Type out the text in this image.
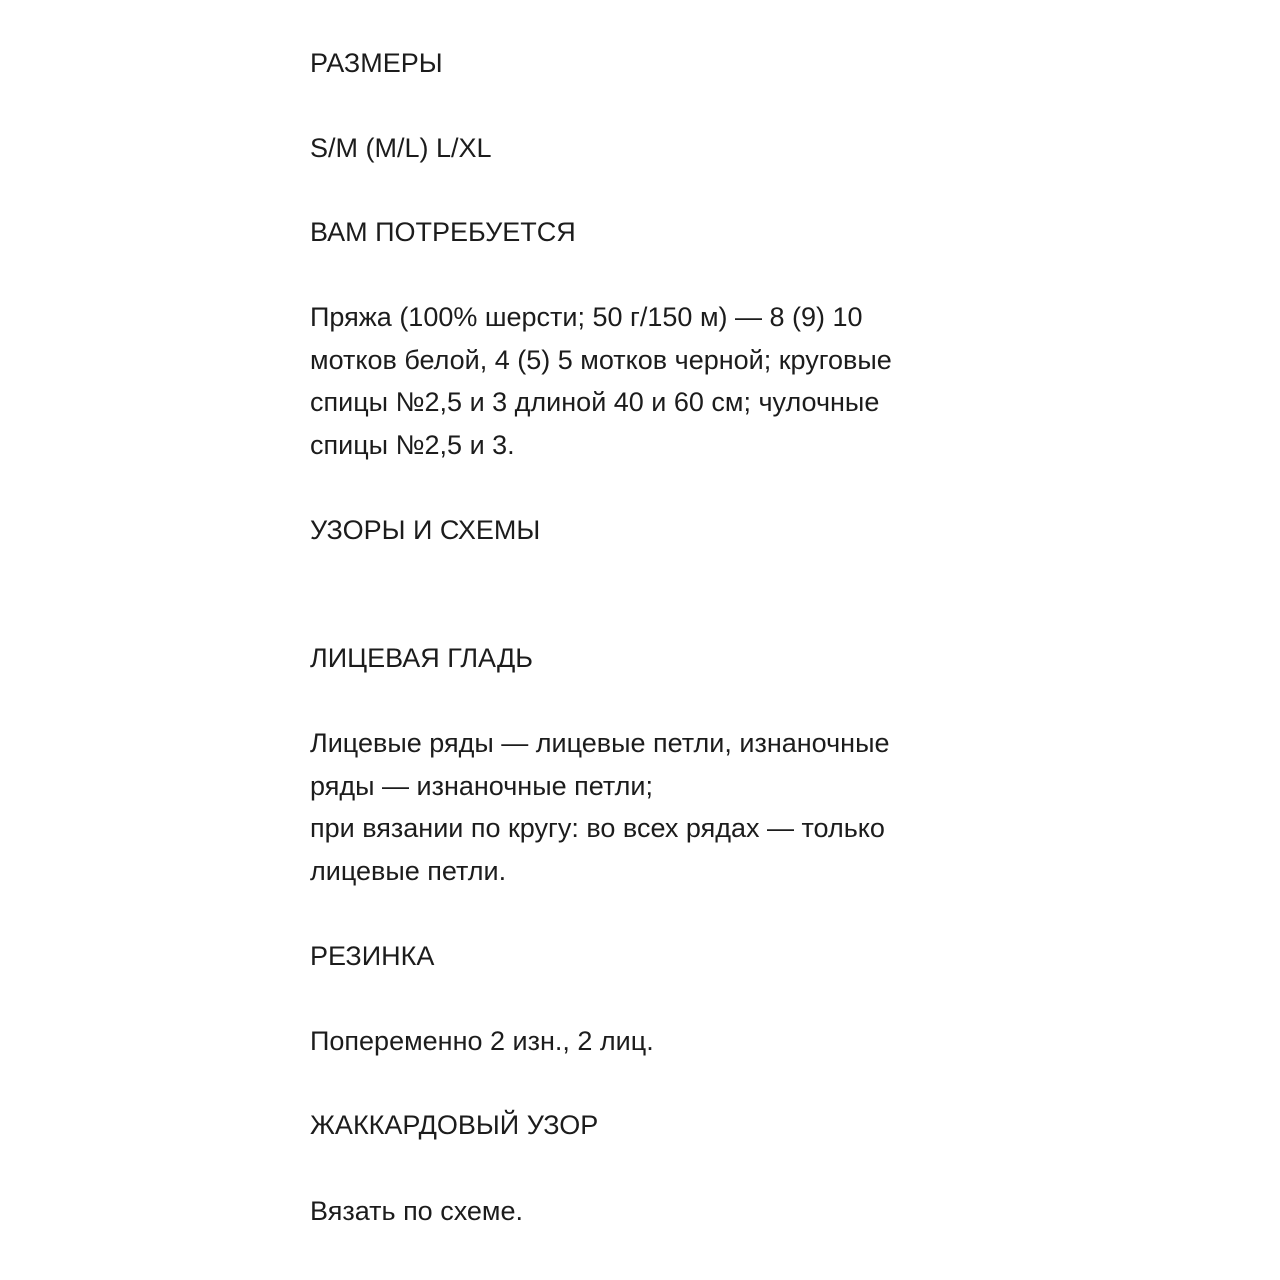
РАЗМЕРЫ

S/M (M/L) L/XL

ВАМ ПОТРЕБУЕТСЯ

Пряжа (100% шерсти; 50 г/150 м) — 8 (9) 10
мотков белой, 4 (5) 5 мотков черной; круговые
спицы №2,5 и 3 длиной 40 и 60 см; чулочные
спицы №2,5 и 3.

УЗОРЫ И СХЕМЫ

ЛИЦЕВАЯ ГЛАДЬ

Лицевые ряды — лицевые петли, изнаночные
ряды — изнаночные петли;
при вязании по кругу: во всех рядах — только
лицевые петли.

РЕЗИНКА

Попеременно 2 изн., 2 лиц.

ЖАККАРДОВЫЙ УЗОР

Вязать по схеме.
